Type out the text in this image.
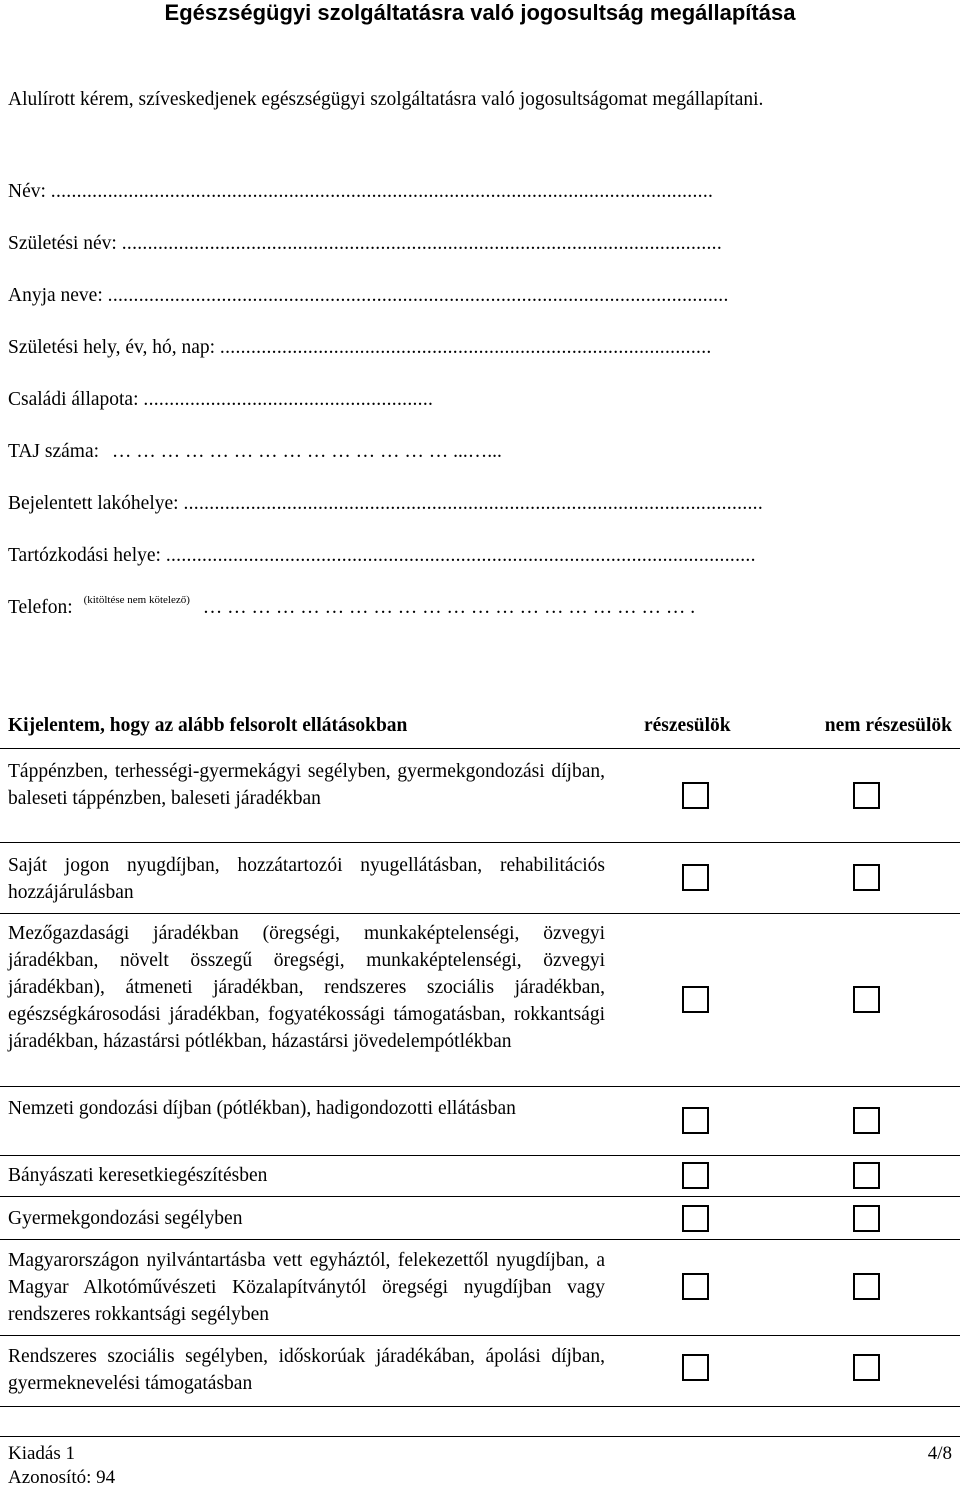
Egészségügyi szolgáltatásra való jogosultság megállapítása
Alulírott kérem, szíveskedjenek egészségügyi szolgáltatásra való jogosultságomat megállapítani.
Név: ................................................................................................................................
Születési név: ....................................................................................................................
Anyja neve: ........................................................................................................................
Születési hely, év, hó, nap: ...............................................................................................
Családi állapota: ........................................................
TAJ száma: … … … … … … … … … … … … … … ...…...
Bejelentett lakóhelye: ................................................................................................................
Tartózkodási helye: ..................................................................................................................
Telefon: $^{(kitöltése nem kötelező)}$ … … … … … … … … … … … … … … … … … … … … .
Kijelentem, hogy az alább felsorolt ellátásokban	részesülök	nem részesülök
Táppénzben, terhességi-gyermekágyi segélyben, gyermekgondozási díjban, baleseti táppénzben, baleseti járadékban
Saját jogon nyugdíjban, hozzátartozói nyugellátásban, rehabilitációs hozzájárulásban
Mezőgazdasági járadékban (öregségi, munkaképtelenségi, özvegyi járadékban, növelt összegű öregségi, munkaképtelenségi, özvegyi járadékban), átmeneti járadékban, rendszeres szociális járadékban, egészségkárosodási járadékban, fogyatékossági támogatásban, rokkantsági járadékban, házastársi pótlékban, házastársi jövedelempótlékban
Nemzeti gondozási díjban (pótlékban), hadigondozotti ellátásban
Bányászati keresetkiegészítésben
Gyermekgondozási segélyben
Magyarországon nyilvántartásba vett egyháztól, felekezettől nyugdíjban, a Magyar Alkotóművészeti Közalapítványtól öregségi nyugdíjban vagy rendszeres rokkantsági segélyben
Rendszeres szociális segélyben, időskorúak járadékában, ápolási díjban, gyermeknevelési támogatásban
Kiadás 1
Azonosító: 94
4/8
